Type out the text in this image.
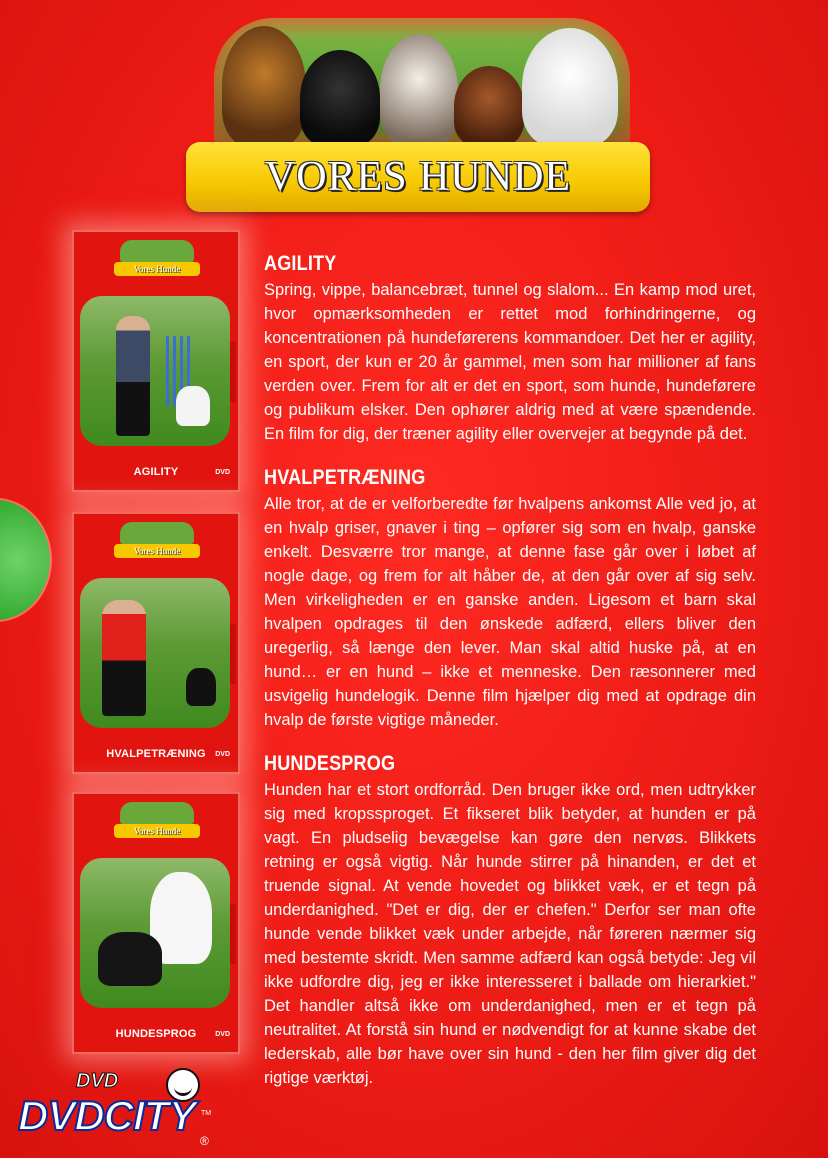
VORES HUNDE
Vores Hunde
AGILITY	DVD
Vores Hunde
HVALPETRÆNING	DVD
Vores Hunde
HUNDESPROG	DVD
AGILITY

Spring, vippe, balancebræt, tunnel og slalom... En kamp mod uret, hvor opmærksomheden er rettet mod forhindringerne, og koncentrationen på hundeførerens kommandoer. Det her er agility, en sport, der kun er 20 år gammel, men som har millioner af fans verden over. Frem for alt er det en sport, som hunde, hundeførere og publikum elsker. Den ophører aldrig med at være spændende. En film for dig, der træner agility eller overvejer at begynde på det.

HVALPETRÆNING

Alle tror, at de er velforberedte før hvalpens ankomst Alle ved jo, at en hvalp griser, gnaver i ting – opfører sig som en hvalp, ganske enkelt. Desværre tror mange, at denne fase går over i løbet af nogle dage, og frem for alt håber de, at den går over af sig selv. Men virkeligheden er en ganske anden. Ligesom et barn skal hvalpen opdrages til den ønskede adfærd, ellers bliver den uregerlig, så længe den lever. Man skal altid huske på, at en hund… er en hund – ikke et menneske. Den ræsonnerer med usvigelig hundelogik. Denne film hjælper dig med at opdrage din hvalp de første vigtige måneder.

HUNDESPROG

Hunden har et stort ordforråd. Den bruger ikke ord, men udtrykker sig med kropssproget. Et fikseret blik betyder, at hunden er på vagt. En pludselig bevægelse kan gøre den nervøs. Blikkets retning er også vigtig. Når hunde stirrer på hinanden, er det et truende signal. At vende hovedet og blikket væk, er et tegn på underdanighed. "Det er dig, der er chefen." Derfor ser man ofte hunde vende blikket væk under arbejde, når føreren nærmer sig med bestemte skridt. Men samme adfærd kan også betyde: Jeg vil ikke udfordre dig, jeg er ikke interesseret i ballade om hierarkiet." Det handler altså ikke om underdanighed, men er et tegn på neutralitet. At forstå sin hund er nødvendigt for at kunne skabe det lederskab, alle bør have over sin hund - den her film giver dig det rigtige værktøj.

DVD
DVDCITY TM
®
